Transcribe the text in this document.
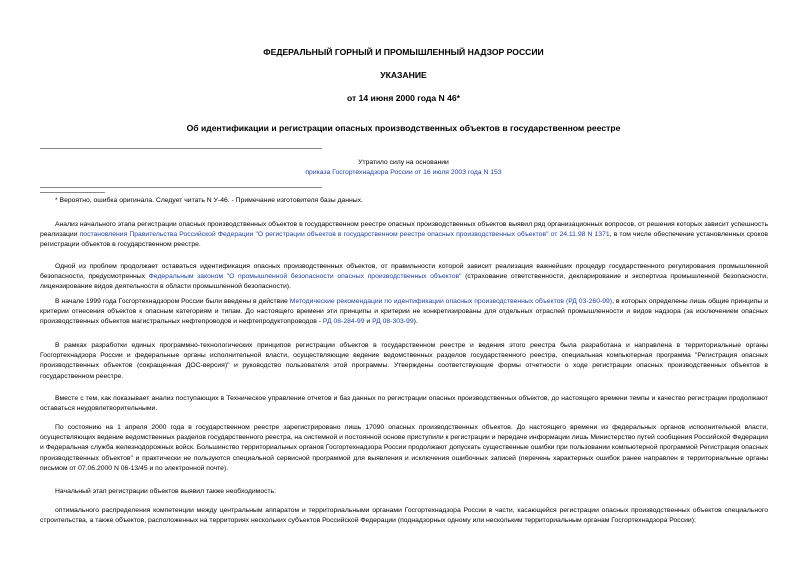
ФЕДЕРАЛЬНЫЙ ГОРНЫЙ И ПРОМЫШЛЕННЫЙ НАДЗОР РОССИИ
УКАЗАНИЕ
от 14 июня 2000 года N 46*
Об идентификации и регистрации опасных производственных объектов в государственном реестре
Утратило силу на основании
приказа Госгортехнадзора России от 16 июля 2003 года N 153

* Вероятно, ошибка оригинала. Следует читать N У-46. - Примечание изготовителя базы данных.

Анализ начального этапа регистрации опасных производственных объектов в государственном реестре опасных производственных объектов выявил ряд организационных вопросов, от решения которых зависит успешность реализации постановления Правительства Российской Федерации "О регистрации объектов в государственном реестре опасных производственных объектов" от 24.11.98 N 1371, в том числе обеспечение установленных сроков регистрации объектов в государственном реестре.

Одной из проблем продолжает оставаться идентификация опасных производственных объектов, от правильности которой зависит реализация важнейших процедур государственного регулирования промышленной безопасности, предусмотренных Федеральным законом "О промышленной безопасности опасных производственных объектов" (страхование ответственности, декларирование и экспертиза промышленной безопасности, лицензирование видов деятельности в области промышленной безопасности).

В начале 1999 года Госгортехнадзором России были введены в действие Методические рекомендации по идентификации опасных производственных объектов (РД 03-260-99), в которых определены лишь общие принципы и критерии отнесения объектов к опасным категориям и типам. До настоящего времени эти принципы и критерии не конкретизированы для отдельных отраслей промышленности и видов надзора (за исключением опасных производственных объектов магистральных нефтепроводов и нефтепродуктопроводов - РД 08-284-99 и РД 08-303-99).

В рамках разработки единых программно-технологических принципов регистрации объектов в государственном реестре и ведения этого реестра была разработана и направлена в территориальные органы Госгортехнадзора России и федеральные органы исполнительной власти, осуществляющие ведение ведомственных разделов государственного реестра, специальная компьютерная программа "Регистрация опасных производственных объектов (сокращенная ДОС-версия)" и руководство пользователя этой программы. Утверждены соответствующие формы отчетности о ходе регистрации опасных производственных объектов в государственном реестре.

Вместе с тем, как показывает анализ поступающих в Техническое управление отчетов и баз данных по регистрации опасных производственных объектов, до настоящего времени темпы и качество регистрации продолжают оставаться неудовлетворительными.

По состоянию на 1 апреля 2000 года в государственном реестре зарегистрировано лишь 17090 опасных производственных объектов. До настоящего времени из федеральных органов исполнительной власти, осуществляющих ведение ведомственных разделов государственного реестра, на системной и постоянной основе приступили к регистрации и передаче информации лишь Министерство путей сообщения Российской Федерации и Федеральная служба железнодорожных войск. Большинство территориальных органов Госгортехнадзора России продолжают допускать существенные ошибки при пользовании компьютерной программой Регистрация опасных производственных объектов" и практически не пользуются специальной сервисной программой для выявления и исключения ошибочных записей (перечень характерных ошибок ранее направлен в территориальные органы письмом от 07.06.2000 N 06-13/45 и по электронной почте).

Начальный этап регистрации объектов выявил также необходимость:

оптимального распределения компетенции между центральным аппаратом и территориальными органами Госгортехнадзора России в части, касающейся регистрации опасных производственных объектов специального строительства, а также объектов, расположенных на территориях нескольких субъектов Российской Федерации (поднадзорных одному или нескольким территориальным органам Госгортехнадзора России);
